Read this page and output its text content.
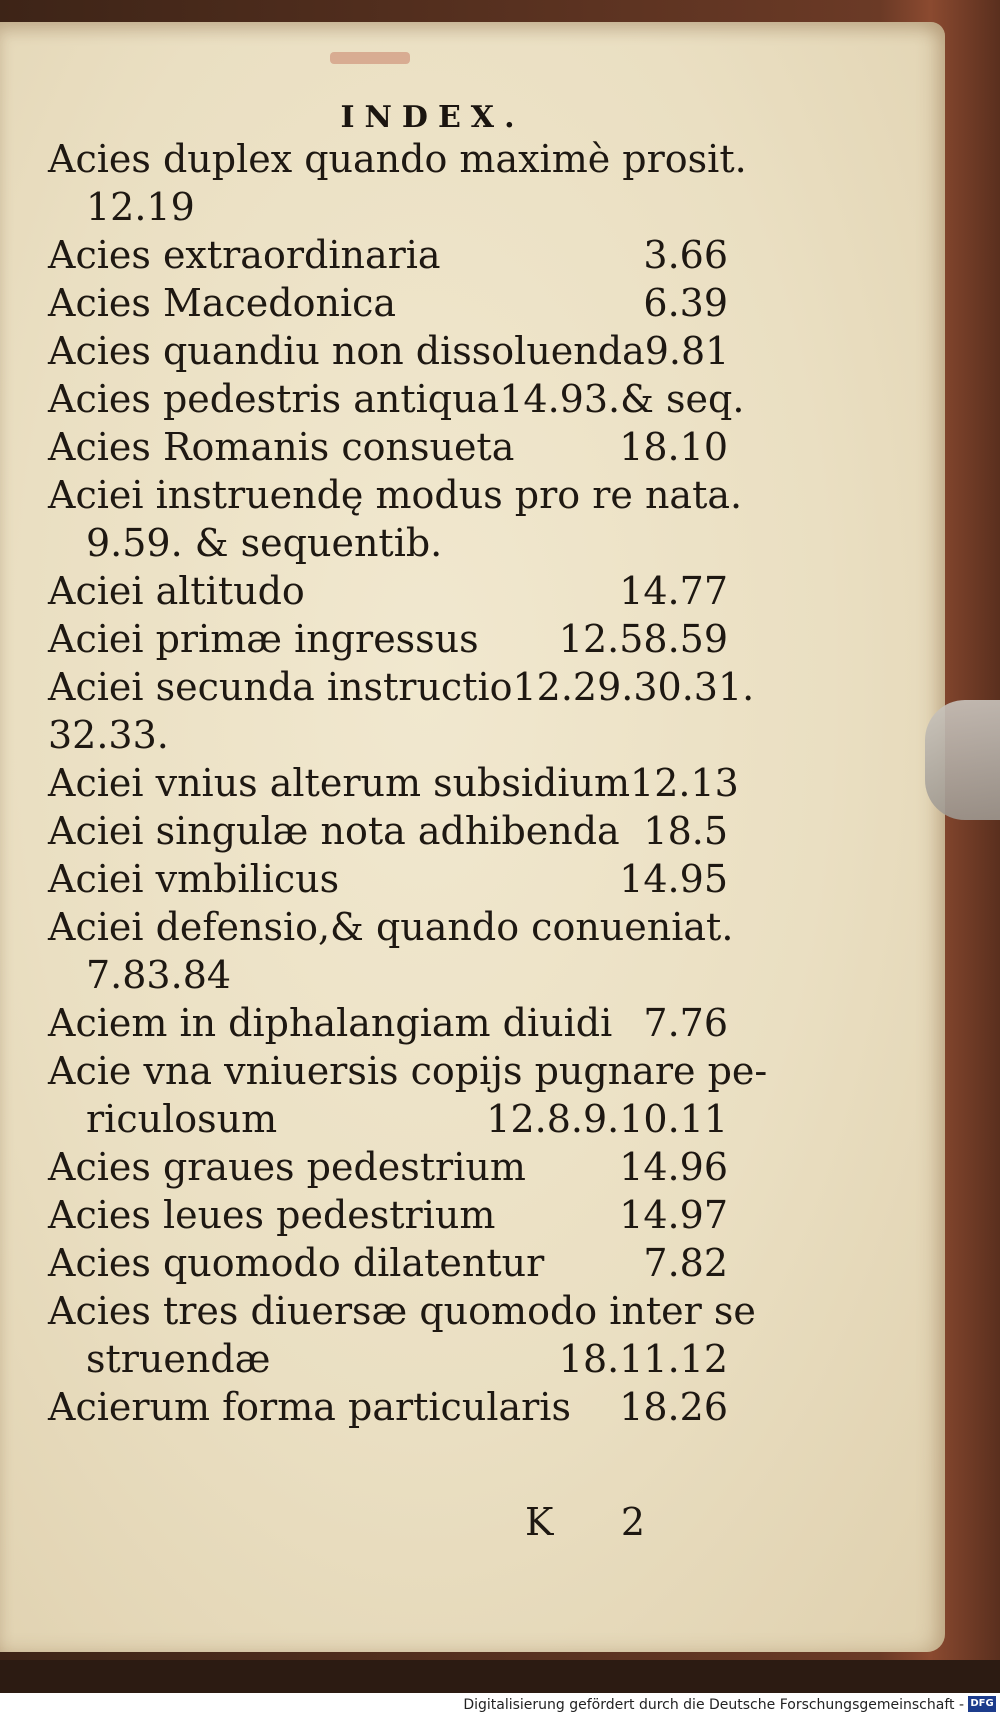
INDEX.
Acies duplex quando maximè prosit.
12.19
Acies extraordinaria	3.66
Acies Macedonica	6.39
Acies quandiu non dissoluenda 9.81
Acies pedestris antiqua 14.93.& seq.
Acies Romanis consueta	18.10
Aciei instruendę modus pro re nata.
9.59. & sequentib.
Aciei altitudo	14.77
Aciei primæ ingressus	12.58.59
Aciei secunda instructio 12.29.30.31.
32.33.
Aciei vnius alterum subsidium 12.13
Aciei singulæ nota adhibenda 18.5
Aciei vmbilicus	14.95
Aciei defensio,& quando conueniat.
7.83.84
Aciem in diphalangiam diuidi 7.76
Acie vna vniuersis copijs pugnare pe-
riculosum	12.8.9.10.11
Acies graues pedestrium	14.96
Acies leues pedestrium	14.97
Acies quomodo dilatentur	7.82
Acies tres diuersæ quomodo inter se
struendæ	18.11.12
Acierum forma particularis	18.26
K 2
Digitalisierung gefördert durch die Deutsche Forschungsgemeinschaft - DFG
